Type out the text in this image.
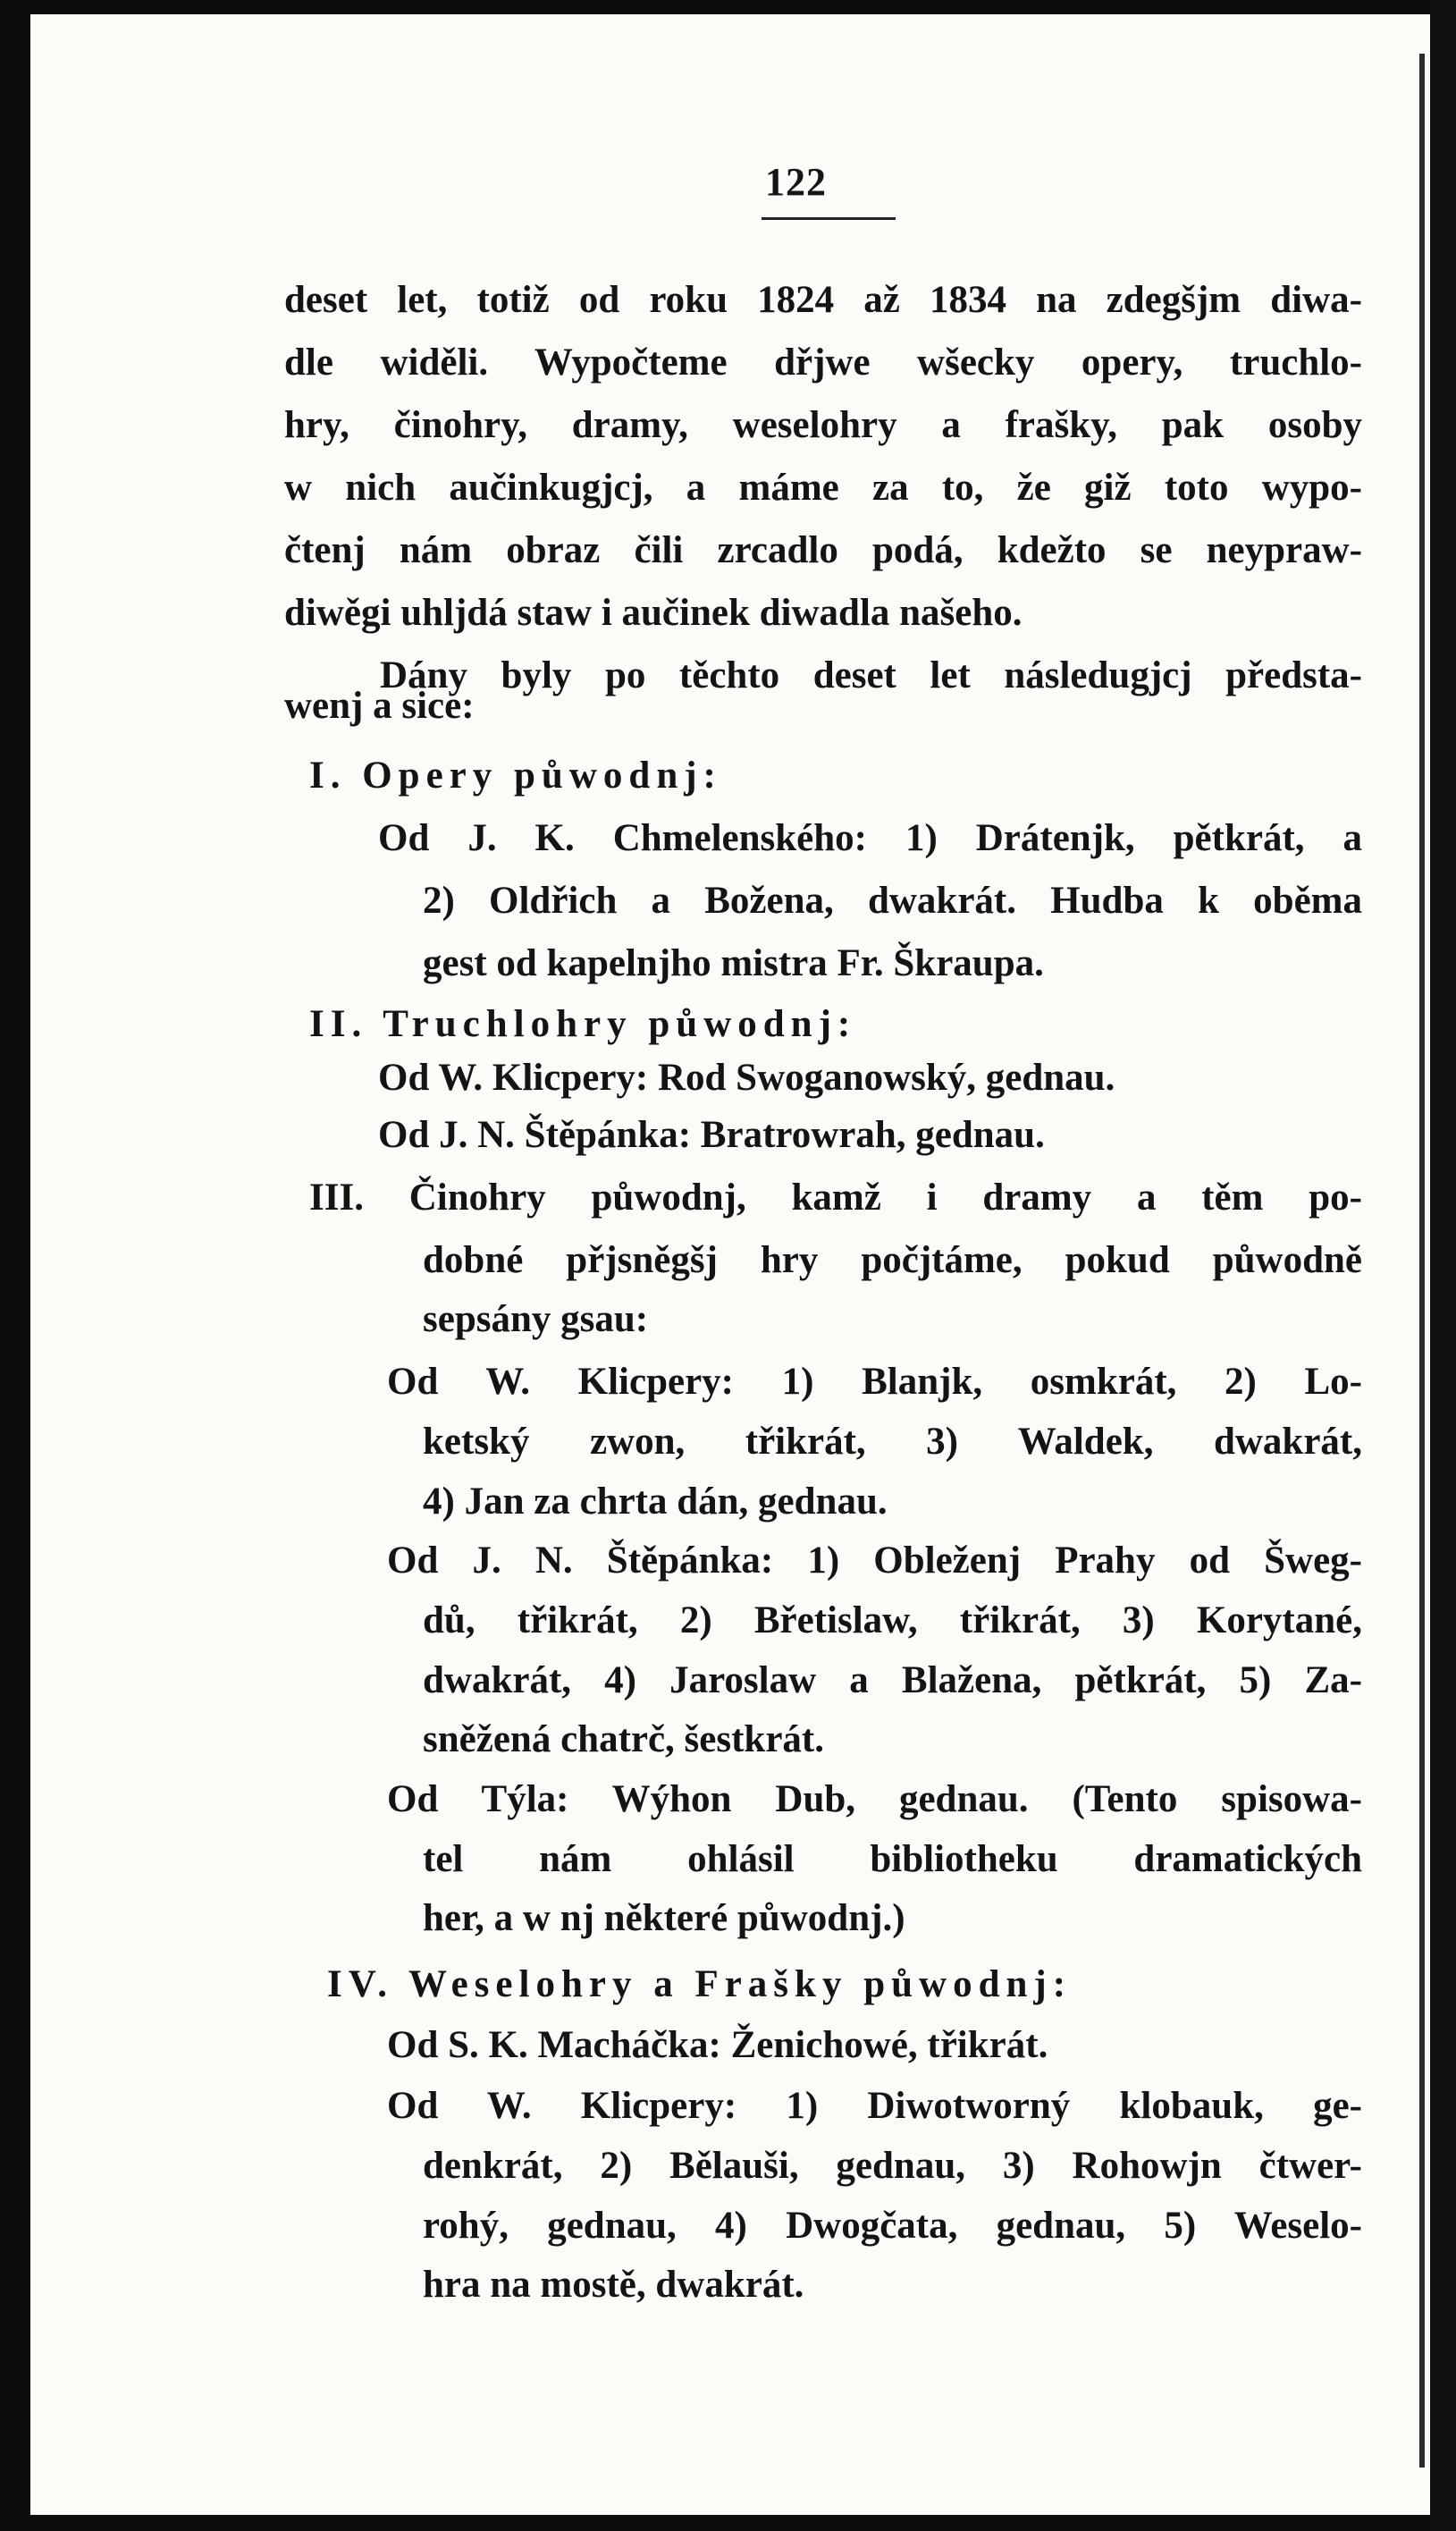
122
deset let, totiž od roku 1824 až 1834 na zdegšjm diwa-
dle widěli. Wypočteme dřjwe wšecky opery, truchlo-
hry, činohry, dramy, weselohry a frašky, pak osoby
w nich aučinkugjcj, a máme za to, že giž toto wypo-
čtenj nám obraz čili zrcadlo podá, kdežto se neypraw-
diwěgi uhljdá staw i aučinek diwadla našeho.
Dány byly po těchto deset let následugjcj předsta-
wenj a sice:
I. Opery půwodnj:
Od J. K. Chmelenského: 1) Drátenjk, pětkrát, a
2) Oldřich a Božena, dwakrát. Hudba k oběma
gest od kapelnjho mistra Fr. Škraupa.
II. Truchlohry půwodnj:
Od W. Klicpery: Rod Swoganowský, gednau.
Od J. N. Štěpánka: Bratrowrah, gednau.
III. Činohry půwodnj, kamž i dramy a těm po-
dobné přjsněgšj hry počjtáme, pokud půwodně
sepsány gsau:
Od W. Klicpery: 1) Blanjk, osmkrát, 2) Lo-
ketský zwon, třikrát, 3) Waldek, dwakrát,
4) Jan za chrta dán, gednau.
Od J. N. Štěpánka: 1) Obleženj Prahy od Šweg-
dů, třikrát, 2) Břetislaw, třikrát, 3) Korytané,
dwakrát, 4) Jaroslaw a Blažena, pětkrát, 5) Za-
sněžená chatrč, šestkrát.
Od Týla: Wýhon Dub, gednau. (Tento spisowa-
tel nám ohlásil bibliotheku dramatických
her, a w nj některé půwodnj.)
IV. Weselohry a Frašky půwodnj:
Od S. K. Macháčka: Ženichowé, třikrát.
Od W. Klicpery: 1) Diwotworný klobauk, ge-
denkrát, 2) Bělauši, gednau, 3) Rohowjn čtwer-
rohý, gednau, 4) Dwogčata, gednau, 5) Weselo-
hra na mostě, dwakrát.
